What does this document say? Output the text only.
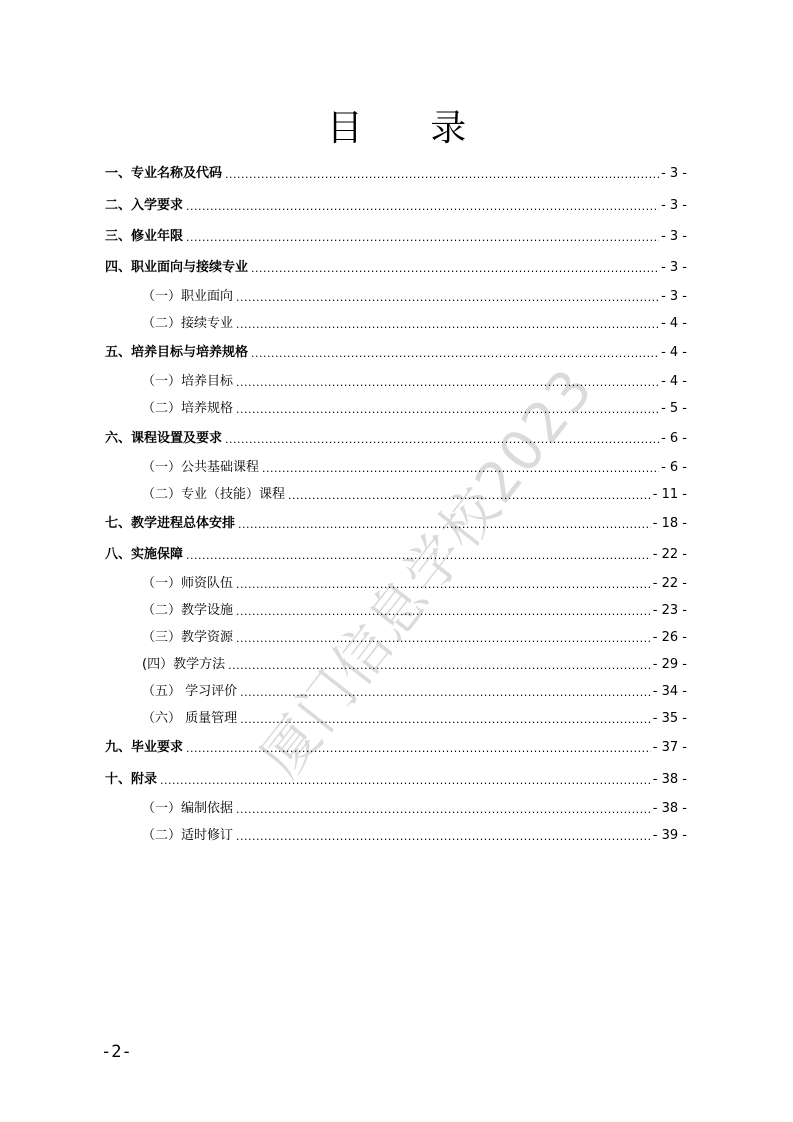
目 录
一、专业名称及代码 .....	- 3 -
二、入学要求 .....	- 3 -
三、修业年限 .....	- 3 -
四、职业面向与接续专业 .....	- 3 -
（一）职业面向 .....	- 3 -
（二）接续专业 .....	- 4 -
五、培养目标与培养规格 .....	- 4 -
（一）培养目标 .....	- 4 -
（二）培养规格 .....	- 5 -
六、课程设置及要求 .....	- 6 -
（一）公共基础课程 .....	- 6 -
（二）专业（技能）课程 .....	- 11 -
七、教学进程总体安排 .....	- 18 -
八、实施保障 .....	- 22 -
（一）师资队伍 .....	- 22 -
（二）教学设施 .....	- 23 -
（三）教学资源 .....	- 26 -
(四）教学方法 .....	- 29 -
（五） 学习评价 .....	- 34 -
（六） 质量管理 .....	- 35 -
九、毕业要求 .....	- 37 -
十、附录 .....	- 38 -
（一）编制依据 .....	- 38 -
（二）适时修订 .....	- 39 -
厦门信息学校2023
-2-
